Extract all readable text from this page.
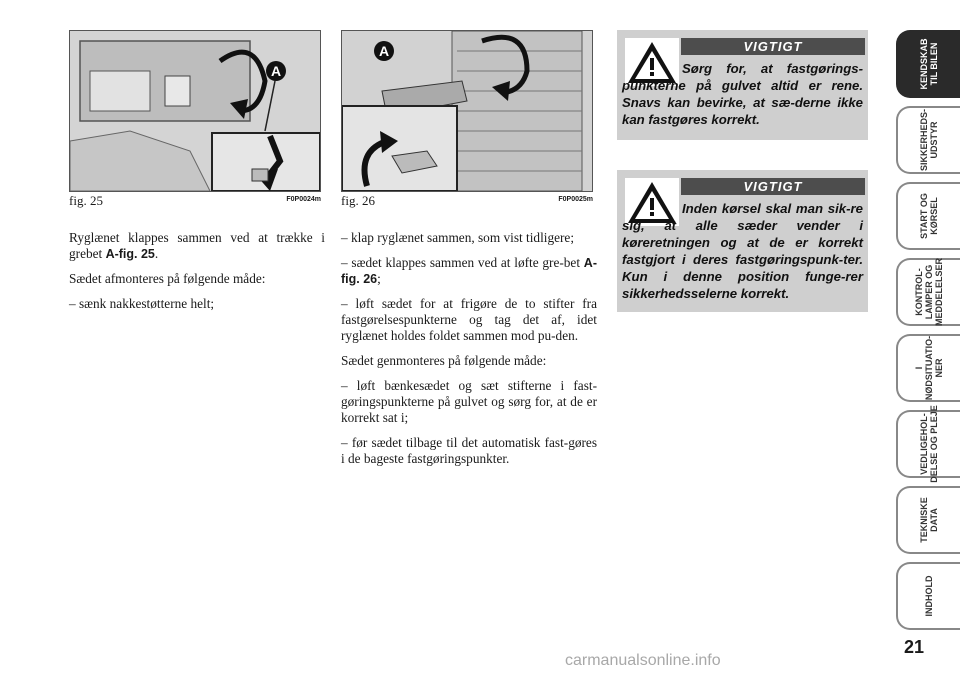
A
fig. 25	F0P0024m
A
fig. 26	F0P0025m

Ryglænet klappes sammen ved at trække i grebet A-fig. 25.

Sædet afmonteres på følgende måde:

– sænk nakkestøtterne helt;

– klap ryglænet sammen, som vist tidligere;

– sædet klappes sammen ved at løfte gre-bet A-fig. 26;

– løft sædet for at frigøre de to stifter fra fastgørelsespunkterne og tag det af, idet ryglænet holdes foldet sammen mod pu-den.

Sædet genmonteres på følgende måde:

– løft bænkesædet og sæt stifterne i fast-gøringspunkterne på gulvet og sørg for, at de er korrekt sat i;

– før sædet tilbage til det automatisk fast-gøres i de bageste fastgøringspunkter.

VIGTIGT
Sørg for, at fastgørings-punkterne på gulvet altid er rene. Snavs kan bevirke, at sæ-derne ikke kan fastgøres korrekt.
VIGTIGT
Inden kørsel skal man sik-re sig, at alle sæder vender i køreretningen og at de er korrekt fastgjort i deres fastgøringspunk-ter. Kun i denne position funge-rer sikkerhedsselerne korrekt.
KENDSKAB
TIL BILEN
SIKKERHEDS-
UDSTYR
START OG
KØRSEL
KONTROL-
LAMPER OG
MEDDELELSER
I
NØDSITUATIO-
NER
VEDLIGEHOL-
DELSE OG PLEJE
TEKNISKE
DATA
INDHOLD
21
carmanualsonline.info
